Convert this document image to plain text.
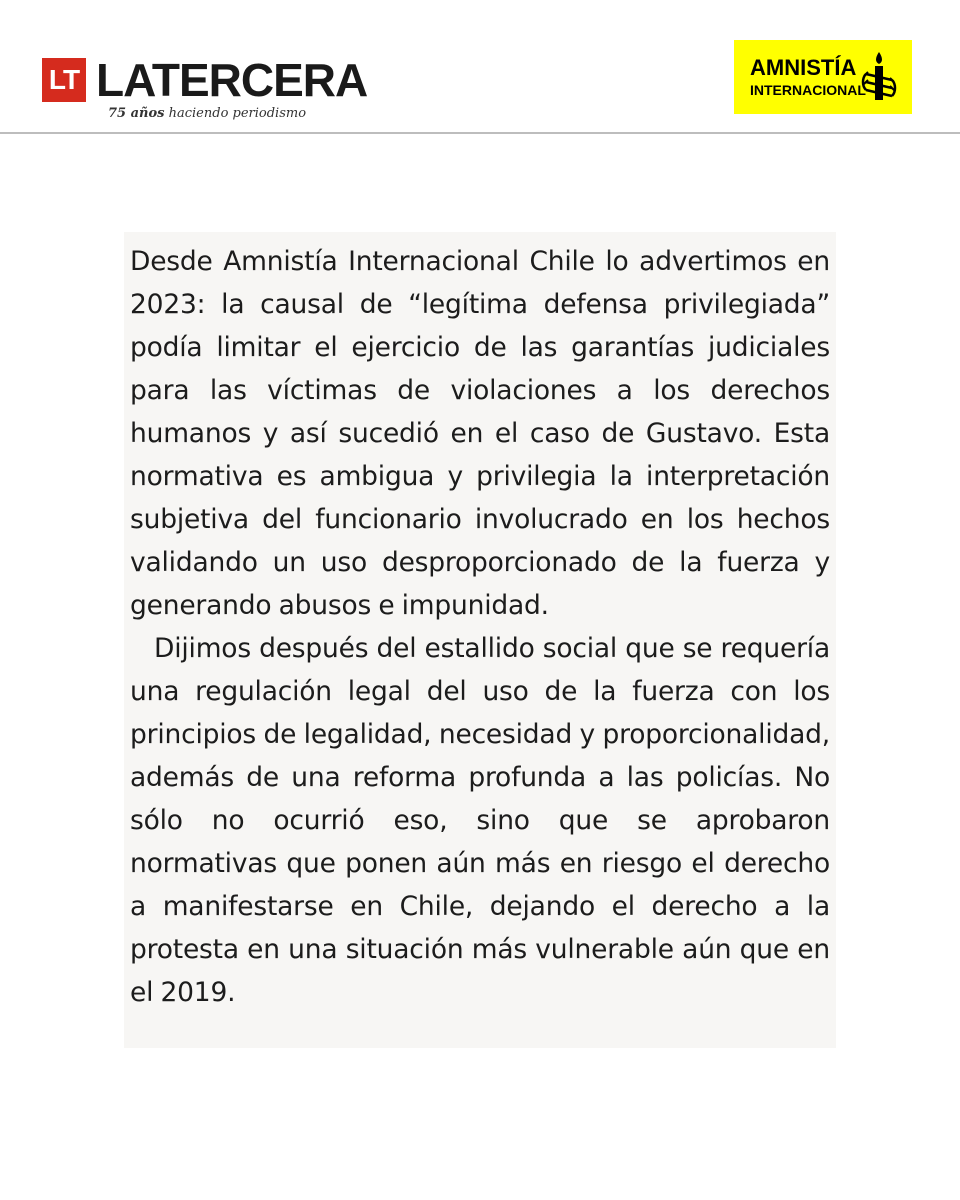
LT LATERCERA
75 años haciendo periodismo
AMNISTÍA
INTERNACIONAL

Desde Amnistía Internacional Chile lo advertimos en 2023: la causal de “legítima defensa privilegiada” podía limitar el ejercicio de las garantías judiciales para las víctimas de violaciones a los derechos humanos y así sucedió en el caso de Gustavo. Esta normativa es ambigua y privilegia la interpretación subjetiva del funcionario involucrado en los hechos validando un uso desproporcionado de la fuerza y generando abusos e impunidad.

Dijimos después del estallido social que se requería una regulación legal del uso de la fuerza con los principios de legalidad, necesidad y proporcionalidad, además de una reforma profunda a las policías. No sólo no ocurrió eso, sino que se aprobaron normativas que ponen aún más en riesgo el derecho a manifestarse en Chile, dejando el derecho a la protesta en una situación más vulnerable aún que en el 2019.
